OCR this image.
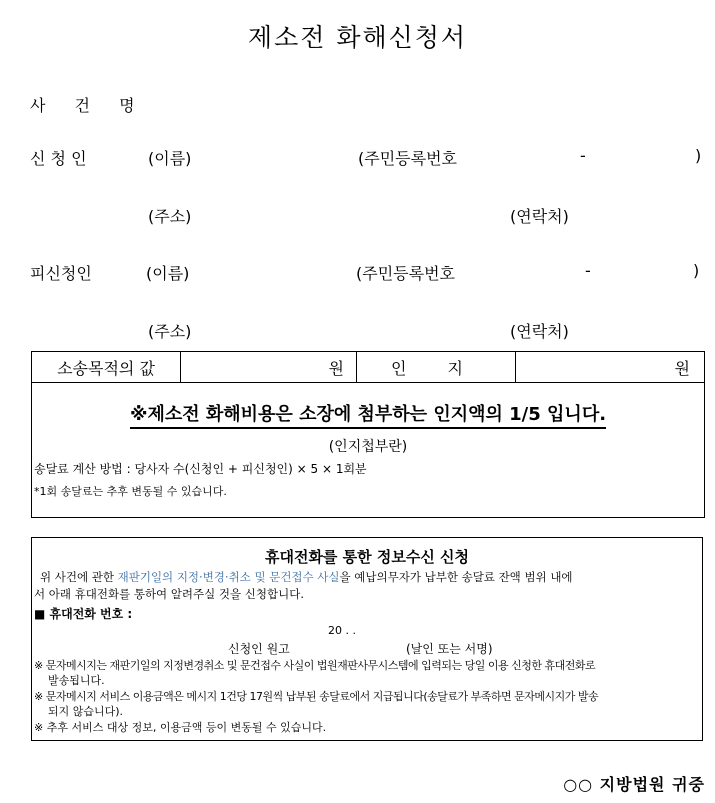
제소전 화해신청서
사 건 명
신 청 인	(이름)	(주민등록번호	-	)
(주소)	(연락처)
피신청인	(이름)	(주민등록번호	-	)
(주소)	(연락처)
소송목적의 값	원	인 지	원
※제소전 화해비용은 소장에 첨부하는 인지액의 1/5 입니다.
(인지첩부란)
송달료 계산 방법 : 당사자 수(신청인 + 피신청인) × 5 × 1회분
*1회 송달료는 추후 변동될 수 있습니다.
휴대전화를 통한 정보수신 신청
위 사건에 관한 재판기일의 지정·변경·취소 및 문건접수 사실을 예납의무자가 납부한 송달료 잔액 범위 내에
서 아래 휴대전화를 통하여 알려주실 것을 신청합니다.
■ 휴대전화 번호 :
20 . .
신청인 원고	(날인 또는 서명)
※ 문자메시지는 재판기일의 지정변경취소 및 문건접수 사실이 법원재판사무시스템에 입력되는 당일 이용 신청한 휴대전화로
발송됩니다.
※ 문자메시지 서비스 이용금액은 메시지 1건당 17원씩 납부된 송달료에서 지급됩니다(송달료가 부족하면 문자메시지가 발송
되지 않습니다).
※ 추후 서비스 대상 정보, 이용금액 등이 변동될 수 있습니다.
○○ 지방법원 귀중
